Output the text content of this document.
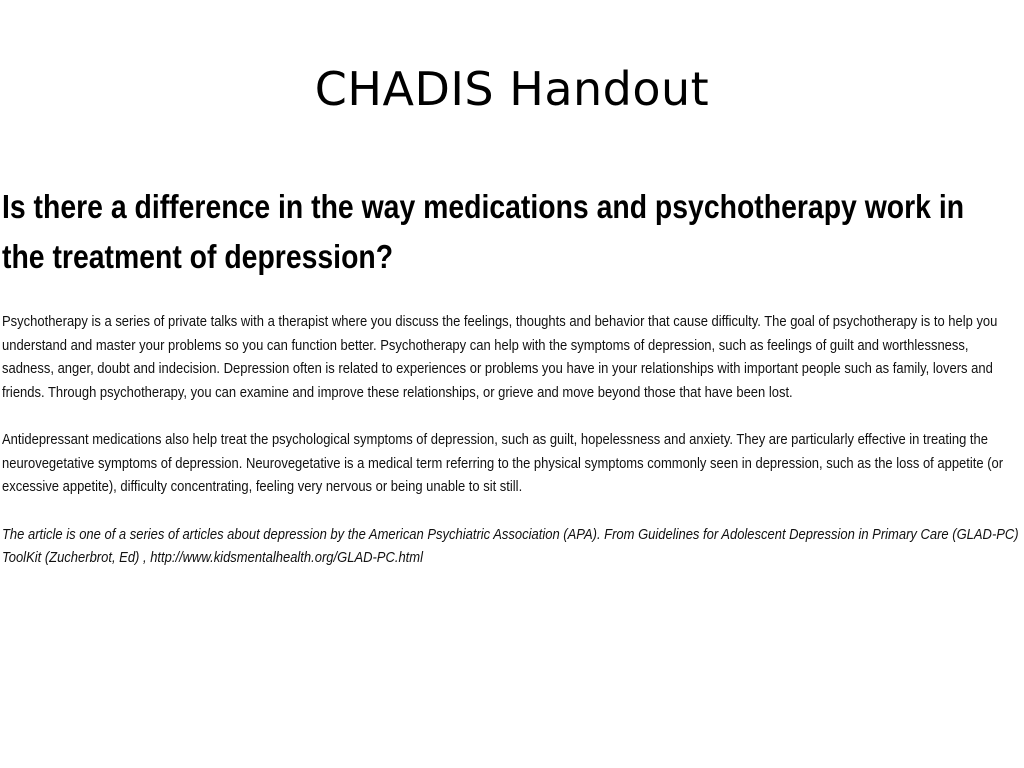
CHADIS Handout
Is there a difference in the way medications and psychotherapy work in the treatment of depression?

Psychotherapy is a series of private talks with a therapist where you discuss the feelings, thoughts and behavior that cause difficulty. The goal of psychotherapy is to help you understand and master your problems so you can function better. Psychotherapy can help with the symptoms of depression, such as feelings of guilt and worthlessness, sadness, anger, doubt and indecision. Depression often is related to experiences or problems you have in your relationships with important people such as family, lovers and friends. Through psychotherapy, you can examine and improve these relationships, or grieve and move beyond those that have been lost.

Antidepressant medications also help treat the psychological symptoms of depression, such as guilt, hopelessness and anxiety. They are particularly effective in treating the neurovegetative symptoms of depression. Neurovegetative is a medical term referring to the physical symptoms commonly seen in depression, such as the loss of appetite (or excessive appetite), difficulty concentrating, feeling very nervous or being unable to sit still.

The article is one of a series of articles about depression by the American Psychiatric Association (APA). From Guidelines for Adolescent Depression in Primary Care (GLAD-PC) ToolKit (Zucherbrot, Ed) , http://www.kidsmentalhealth.org/GLAD-PC.html
